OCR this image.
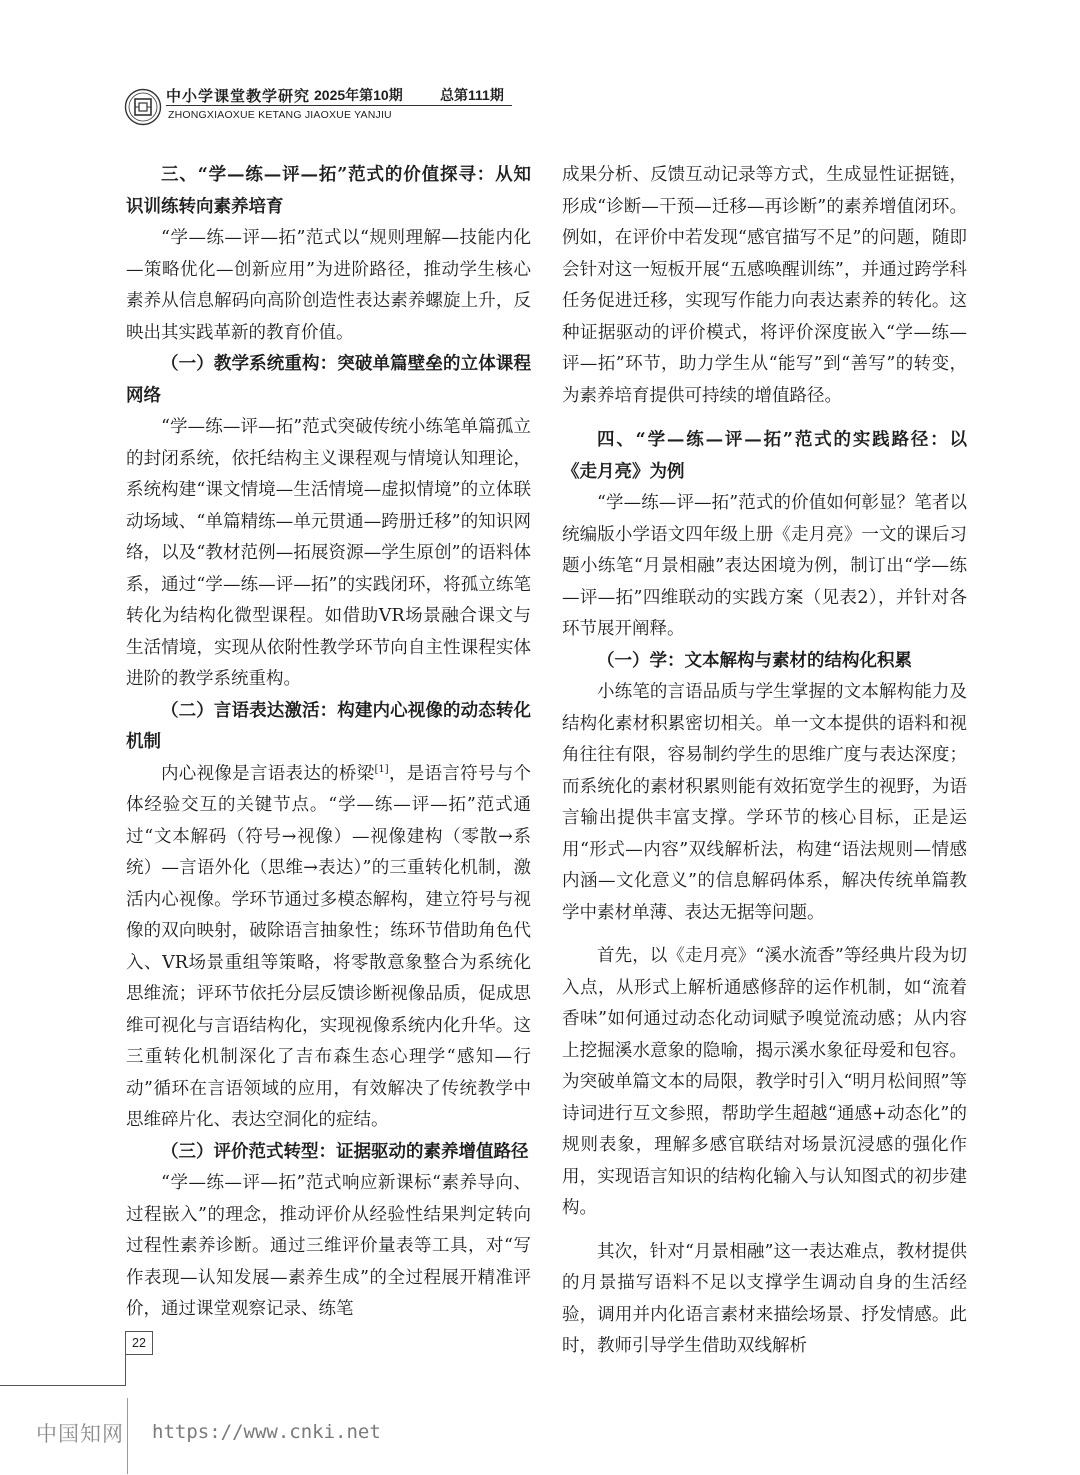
中小学课堂教学研究 2025年第10期	总第111期
ZHONGXIAOXUE KETANG JIAOXUE YANJIU
三、“学—练—评—拓”范式的价值探寻：从知识训练转向素养培育

“学—练—评—拓”范式以“规则理解—技能内化—策略优化—创新应用”为进阶路径，推动学生核心素养从信息解码向高阶创造性表达素养螺旋上升，反映出其实践革新的教育价值。

（一）教学系统重构：突破单篇壁垒的立体课程网络

“学—练—评—拓”范式突破传统小练笔单篇孤立的封闭系统，依托结构主义课程观与情境认知理论，系统构建“课文情境—生活情境—虚拟情境”的立体联动场域、“单篇精练—单元贯通—跨册迁移”的知识网络，以及“教材范例—拓展资源—学生原创”的语料体系，通过“学—练—评—拓”的实践闭环，将孤立练笔转化为结构化微型课程。如借助VR场景融合课文与生活情境，实现从依附性教学环节向自主性课程实体进阶的教学系统重构。

（二）言语表达激活：构建内心视像的动态转化机制

内心视像是言语表达的桥梁[1]，是语言符号与个体经验交互的关键节点。“学—练—评—拓”范式通过“文本解码（符号→视像）—视像建构（零散→系统）—言语外化（思维→表达）”的三重转化机制，激活内心视像。学环节通过多模态解构，建立符号与视像的双向映射，破除语言抽象性；练环节借助角色代入、VR场景重组等策略，将零散意象整合为系统化思维流；评环节依托分层反馈诊断视像品质，促成思维可视化与言语结构化，实现视像系统内化升华。这三重转化机制深化了吉布森生态心理学“感知—行动”循环在言语领域的应用，有效解决了传统教学中思维碎片化、表达空洞化的症结。

（三）评价范式转型：证据驱动的素养增值路径

“学—练—评—拓”范式响应新课标“素养导向、过程嵌入”的理念，推动评价从经验性结果判定转向过程性素养诊断。通过三维评价量表等工具，对“写作表现—认知发展—素养生成”的全过程展开精准评价，通过课堂观察记录、练笔

成果分析、反馈互动记录等方式，生成显性证据链，形成“诊断—干预—迁移—再诊断”的素养增值闭环。例如，在评价中若发现“感官描写不足”的问题，随即会针对这一短板开展“五感唤醒训练”，并通过跨学科任务促进迁移，实现写作能力向表达素养的转化。这种证据驱动的评价模式，将评价深度嵌入“学—练—评—拓”环节，助力学生从“能写”到“善写”的转变，为素养培育提供可持续的增值路径。

四、“学—练—评—拓”范式的实践路径：以《走月亮》为例

“学—练—评—拓”范式的价值如何彰显？笔者以统编版小学语文四年级上册《走月亮》一文的课后习题小练笔“月景相融”表达困境为例，制订出“学—练—评—拓”四维联动的实践方案（见表2），并针对各环节展开阐释。

（一）学：文本解构与素材的结构化积累

小练笔的言语品质与学生掌握的文本解构能力及结构化素材积累密切相关。单一文本提供的语料和视角往往有限，容易制约学生的思维广度与表达深度；而系统化的素材积累则能有效拓宽学生的视野，为语言输出提供丰富支撑。学环节的核心目标，正是运用“形式—内容”双线解析法，构建“语法规则—情感内涵—文化意义”的信息解码体系，解决传统单篇教学中素材单薄、表达无据等问题。

首先，以《走月亮》“溪水流香”等经典片段为切入点，从形式上解析通感修辞的运作机制，如“流着香味”如何通过动态化动词赋予嗅觉流动感；从内容上挖掘溪水意象的隐喻，揭示溪水象征母爱和包容。为突破单篇文本的局限，教学时引入“明月松间照”等诗词进行互文参照，帮助学生超越“通感+动态化”的规则表象，理解多感官联结对场景沉浸感的强化作用，实现语言知识的结构化输入与认知图式的初步建构。

其次，针对“月景相融”这一表达难点，教材提供的月景描写语料不足以支撑学生调动自身的生活经验，调用并内化语言素材来描绘场景、抒发情感。此时，教师引导学生借助双线解析

22
中国知网 https://www.cnki.net
